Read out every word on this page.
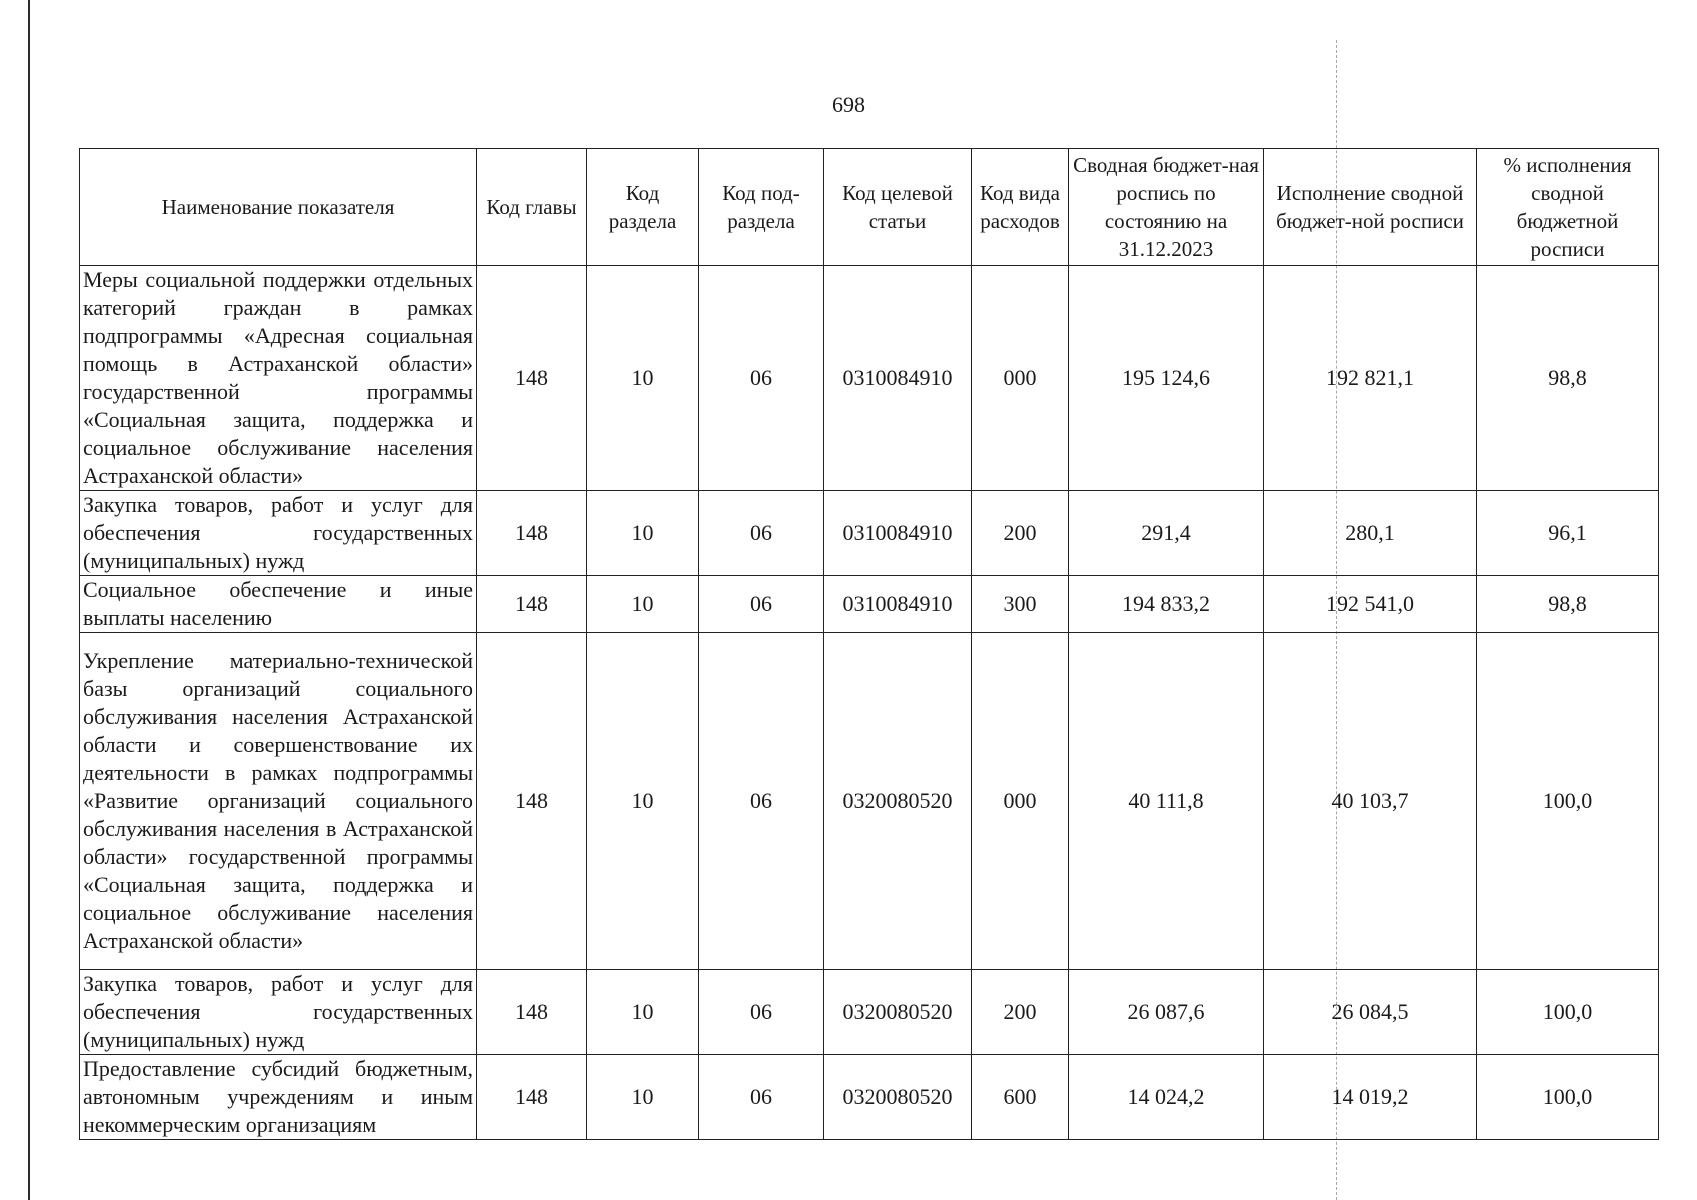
698
Наименование показателя	Код главы	Код раздела	Код под-раздела	Код целевой статьи	Код вида расходов	Сводная бюджет-ная роспись по состоянию на 31.12.2023	Исполнение сводной бюджет-ной росписи	% исполнения сводной бюджетной росписи
Меры социальной поддержки отдельных категорий граждан в рамках подпрограммы «Адресная социальная помощь в Астраханской области» государственной программы «Социальная защита, поддержка и социальное обслуживание населения Астраханской области»	148	10	06	0310084910	000	195 124,6	192 821,1	98,8
Закупка товаров, работ и услуг для обеспечения государственных (муниципальных) нужд	148	10	06	0310084910	200	291,4	280,1	96,1
Социальное обеспечение и иные выплаты населению	148	10	06	0310084910	300	194 833,2	192 541,0	98,8
Укрепление материально-технической базы организаций социального обслуживания населения Астраханской области и совершенствование их деятельности в рамках подпрограммы «Развитие организаций социального обслуживания населения в Астраханской области» государственной программы «Социальная защита, поддержка и социальное обслуживание населения Астраханской области»	148	10	06	0320080520	000	40 111,8	40 103,7	100,0
Закупка товаров, работ и услуг для обеспечения государственных (муниципальных) нужд	148	10	06	0320080520	200	26 087,6	26 084,5	100,0
Предоставление субсидий бюджетным, автономным учреждениям и иным некоммерческим организациям	148	10	06	0320080520	600	14 024,2	14 019,2	100,0
